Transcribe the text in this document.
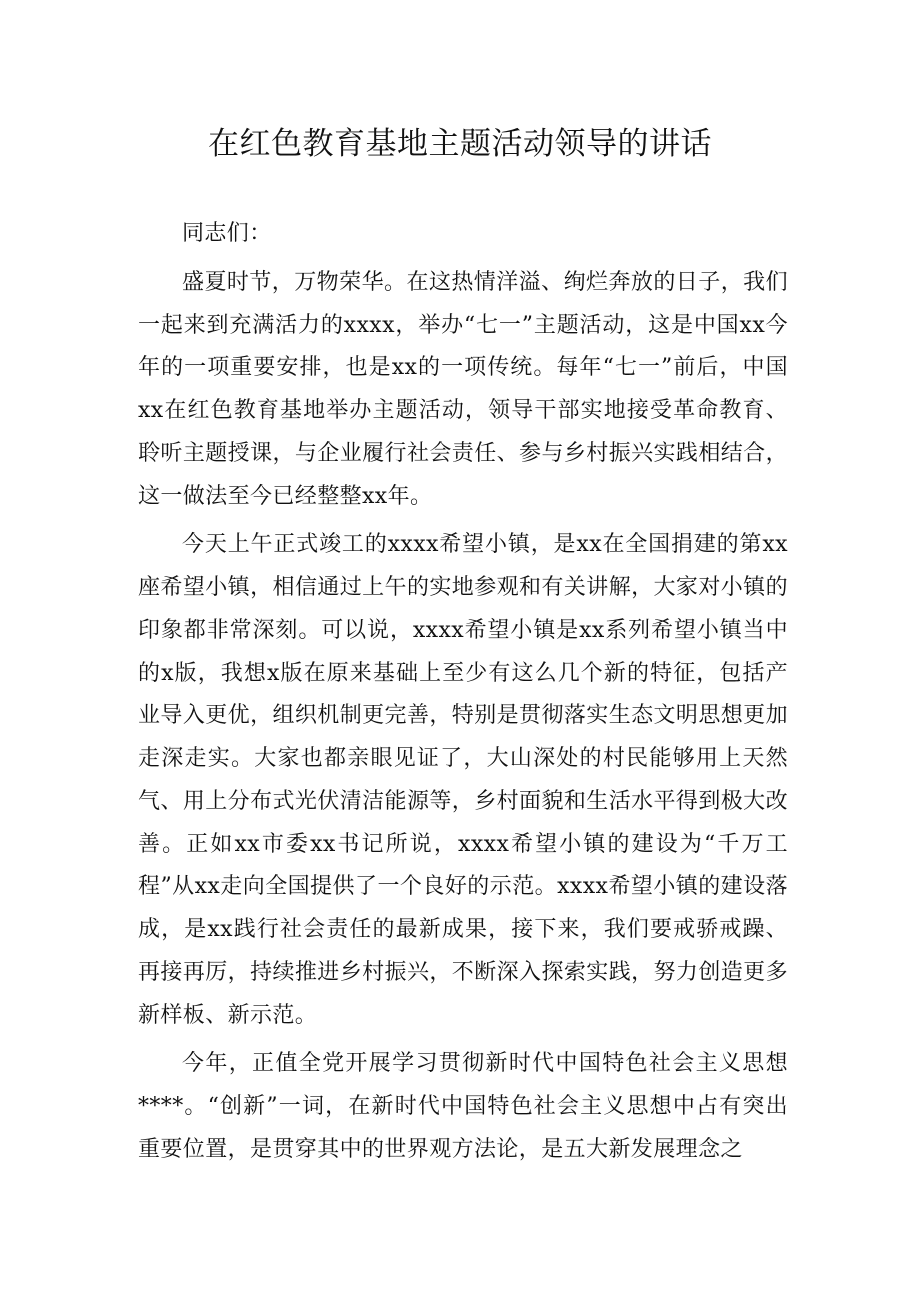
在红色教育基地主题活动领导的讲话

同志们：

盛夏时节，万物荣华。在这热情洋溢、绚烂奔放的日子，我们一起来到充满活力的xxxx，举办“七一”主题活动，这是中国xx今年的一项重要安排，也是xx的一项传统。每年“七一”前后，中国xx在红色教育基地举办主题活动，领导干部实地接受革命教育、聆听主题授课，与企业履行社会责任、参与乡村振兴实践相结合，这一做法至今已经整整xx年。

今天上午正式竣工的xxxx希望小镇，是xx在全国捐建的第xx座希望小镇，相信通过上午的实地参观和有关讲解，大家对小镇的印象都非常深刻。可以说，xxxx希望小镇是xx系列希望小镇当中的x版，我想x版在原来基础上至少有这么几个新的特征，包括产业导入更优，组织机制更完善，特别是贯彻落实生态文明思想更加走深走实。大家也都亲眼见证了，大山深处的村民能够用上天然气、用上分布式光伏清洁能源等，乡村面貌和生活水平得到极大改善。正如xx市委xx书记所说，xxxx希望小镇的建设为“千万工程”从xx走向全国提供了一个良好的示范。xxxx希望小镇的建设落成，是xx践行社会责任的最新成果，接下来，我们要戒骄戒躁、再接再厉，持续推进乡村振兴，不断深入探索实践，努力创造更多新样板、新示范。

今年，正值全党开展学习贯彻新时代中国特色社会主义思想****。“创新”一词，在新时代中国特色社会主义思想中占有突出重要位置，是贯穿其中的世界观方法论，是五大新发展理念之
